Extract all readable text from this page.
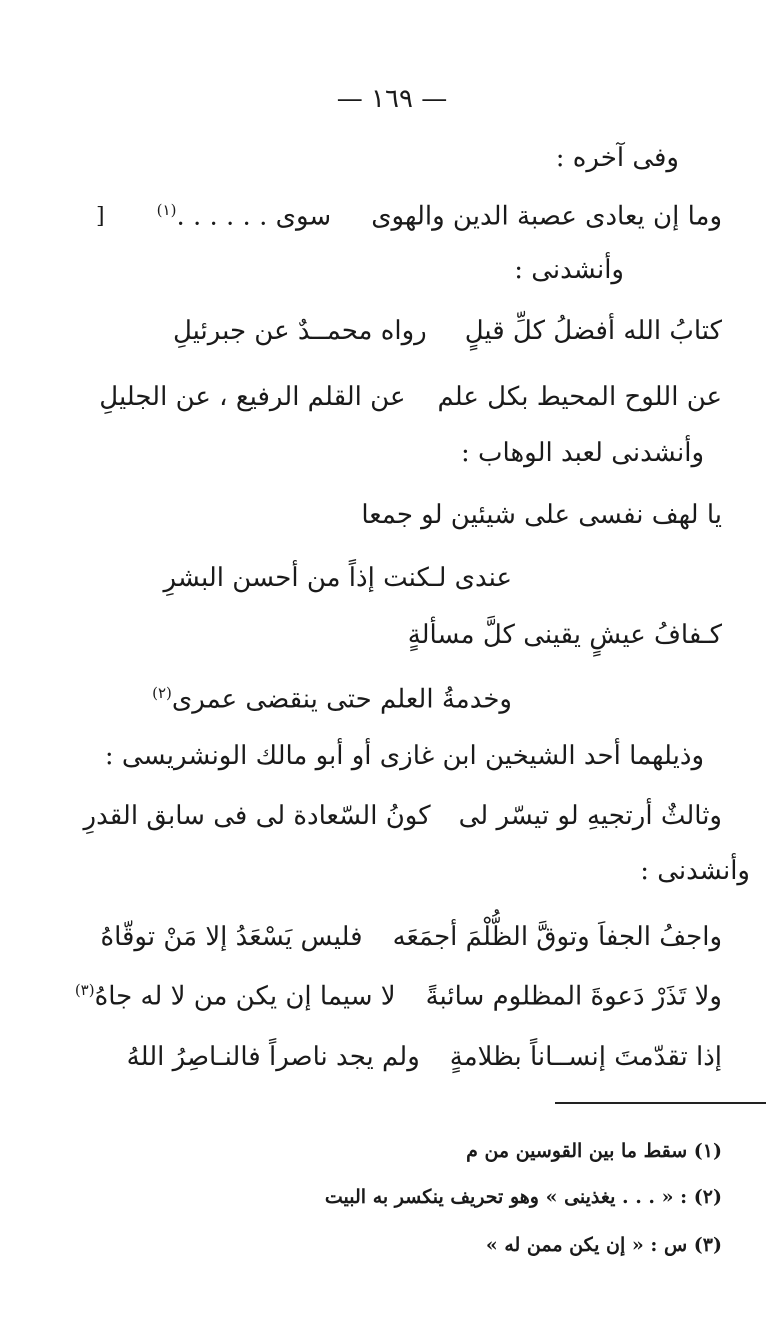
— ١٦٩ —
وفى آخره :
وما إن يعادى عصبة الدين والهوىسوى . . . . . .$^{(١)}$
]
وأنشدنى :
كتابُ الله أفضلُ كلِّ قيلٍرواه محمــدٌ عن جبرئيلِ
عن اللوح المحيط بكل علمعن القلم الرفيع ، عن الجليلِ
وأنشدنى لعبد الوهاب :
يا لهف نفسى على شيئين لو جمعا
عندى لـكنت إذاً من أحسن البشرِ
كـفافُ عيشٍ يقينى كلَّ مسألةٍ
وخدمةُ العلم حتى ينقضى عمرى$^{(٢)}$
وذيلهما أحد الشيخين ابن غازى أو أبو مالك الونشريسى :
وثالثٌ أرتجيهِ لو تيسّر لىكونُ السّعادة لى فى سابق القدرِ
وأنشدنى :
واجفُ الجفاَ وتوقَّ الظُّلْمَ أجمَعَهفليس يَسْعَدُ إلا مَنْ توقّاهُ
ولا تَذَرْ دَعوةَ المظلوم سائبةًلا سيما إن يكن من لا له جاهُ$^{(٣)}$
إذا تقدّمتَ إنســاناً بظلامةٍولم يجد ناصراً فالنـاصِرُ اللهُ
(١) سقط ما بين القوسين من م
(٢) : « . . . يغذينى » وهو تحريف ينكسر به البيت
(٣) س : « إن يكن ممن له »
